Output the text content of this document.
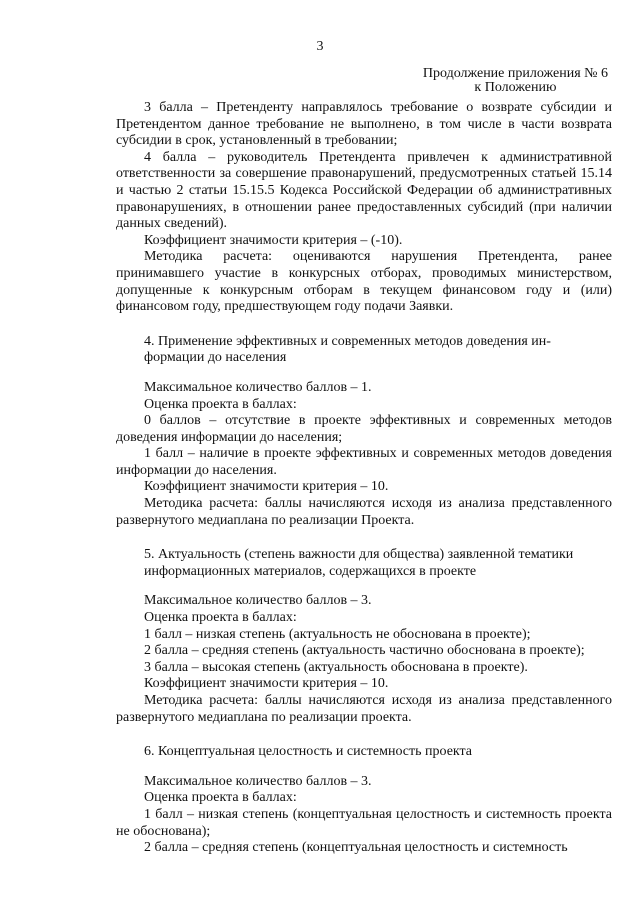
3
Продолжение приложения № 6
к Положению

3 балла – Претенденту направлялось требование о возврате субсидии и Претендентом данное требование не выполнено, в том числе в части возврата субсидии в срок, установленный в требовании;

4 балла – руководитель Претендента привлечен к административной ответственности за совершение правонарушений, предусмотренных статьей 15.14 и частью 2 статьи 15.15.5 Кодекса Российской Федерации об административных правонарушениях, в отношении ранее предоставленных субсидий (при наличии данных сведений).

Коэффициент значимости критерия – (-10).

Методика расчета: оцениваются нарушения Претендента, ранее принимавшего участие в конкурсных отборах, проводимых министерством, допущенные к конкурсным отборам в текущем финансовом году и (или) финансовом году, предшествующем году подачи Заявки.

4. Применение эффективных и современных методов доведения ин-
формации до населения

Максимальное количество баллов – 1.

Оценка проекта в баллах:

0 баллов – отсутствие в проекте эффективных и современных методов доведения информации до населения;

1 балл – наличие в проекте эффективных и современных методов доведения информации до населения.

Коэффициент значимости критерия – 10.

Методика расчета: баллы начисляются исходя из анализа представленного развернутого медиаплана по реализации Проекта.

5. Актуальность (степень важности для общества) заявленной тематики
информационных материалов, содержащихся в проекте

Максимальное количество баллов – 3.

Оценка проекта в баллах:

1 балл – низкая степень (актуальность не обоснована в проекте);

2 балла – средняя степень (актуальность частично обоснована в проекте);

3 балла – высокая степень (актуальность обоснована в проекте).

Коэффициент значимости критерия – 10.

Методика расчета: баллы начисляются исходя из анализа представленного развернутого медиаплана по реализации проекта.

6. Концептуальная целостность и системность проекта

Максимальное количество баллов – 3.

Оценка проекта в баллах:

1 балл – низкая степень (концептуальная целостность и системность проекта не обоснована);

2 балла – средняя степень (концептуальная целостность и системность
